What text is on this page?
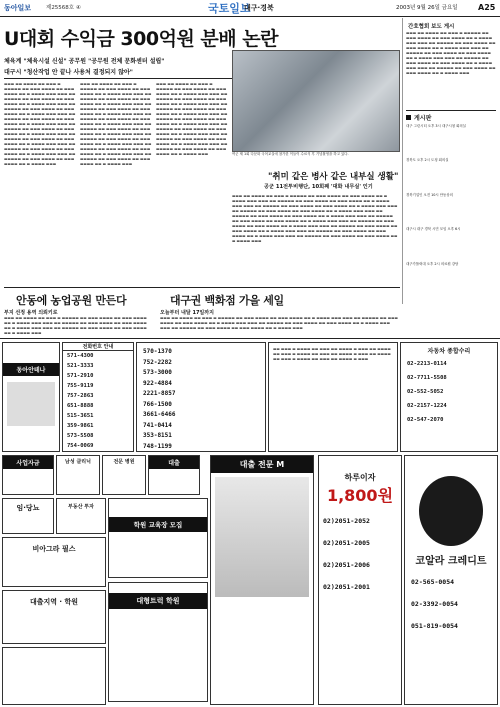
동아일보	제25568호 ④	국토일보
대구·경북	2003년 9월 26일 금요일	A25
U대회 수익금 300억원 분배 논란
체육계 "체육시설 신설" 공무원 "공무원 전체 문화센터 설립"
대구시 "청산작업 안 끝나 사용처 결정되지 않아"

▬▬▬ ▬▬ ▬▬▬▬ ▬▬ ▬▬▬ ▬ ▬▬▬▬▬ ▬▬ ▬▬▬ ▬▬▬▬ ▬▬ ▬▬▬ ▬▬▬▬ ▬▬ ▬ ▬▬▬▬ ▬▬▬ ▬▬▬ ▬▬ ▬▬▬▬▬ ▬▬ ▬▬▬ ▬▬▬▬ ▬▬ ▬▬▬ ▬▬▬▬ ▬▬ ▬ ▬▬▬▬ ▬▬▬ ▬▬▬ ▬▬ ▬▬▬▬▬ ▬▬ ▬▬▬ ▬▬▬▬ ▬▬ ▬▬▬ ▬▬▬▬ ▬▬ ▬ ▬▬▬▬ ▬▬▬ ▬▬▬ ▬▬ ▬▬▬▬▬ ▬▬ ▬▬▬ ▬▬▬▬ ▬▬ ▬▬▬ ▬▬▬▬ ▬▬ ▬ ▬▬▬▬ ▬▬▬ ▬▬▬ ▬▬ ▬▬▬▬▬ ▬▬ ▬▬▬ ▬▬▬▬ ▬▬ ▬▬▬ ▬▬▬▬ ▬▬ ▬ ▬▬▬▬ ▬▬▬ ▬▬▬ ▬▬ ▬▬▬▬▬ ▬▬ ▬▬▬ ▬▬▬▬ ▬▬ ▬▬▬ ▬▬▬▬ ▬▬ ▬ ▬▬▬▬ ▬▬▬ ▬▬▬ ▬▬ ▬▬▬▬▬ ▬▬ ▬▬▬ ▬▬▬▬ ▬▬ ▬▬▬ ▬▬▬▬ ▬▬ ▬ ▬▬▬▬ ▬▬▬ ▬▬▬ ▬▬ ▬▬▬▬▬ ▬▬ ▬▬▬ ▬▬▬▬ ▬▬ ▬▬▬ ▬▬▬▬ ▬▬ ▬ ▬▬▬▬ ▬▬▬

▬▬▬ ▬▬ ▬▬▬▬ ▬▬ ▬▬▬ ▬ ▬▬▬▬▬ ▬▬ ▬▬▬ ▬▬▬▬ ▬▬ ▬▬▬ ▬▬▬▬ ▬▬ ▬ ▬▬▬▬ ▬▬▬ ▬▬▬ ▬▬ ▬▬▬▬▬ ▬▬ ▬▬▬ ▬▬▬▬ ▬▬ ▬▬▬ ▬▬▬▬ ▬▬ ▬ ▬▬▬▬ ▬▬▬ ▬▬▬ ▬▬ ▬▬▬▬▬ ▬▬ ▬▬▬ ▬▬▬▬ ▬▬ ▬▬▬ ▬▬▬▬ ▬▬ ▬ ▬▬▬▬ ▬▬▬ ▬▬▬ ▬▬ ▬▬▬▬▬ ▬▬ ▬▬▬ ▬▬▬▬ ▬▬ ▬▬▬ ▬▬▬▬ ▬▬ ▬ ▬▬▬▬ ▬▬▬ ▬▬▬ ▬▬ ▬▬▬▬▬ ▬▬ ▬▬▬ ▬▬▬▬ ▬▬ ▬▬▬ ▬▬▬▬ ▬▬ ▬ ▬▬▬▬ ▬▬▬ ▬▬▬ ▬▬ ▬▬▬▬▬ ▬▬ ▬▬▬ ▬▬▬▬ ▬▬ ▬▬▬ ▬▬▬▬ ▬▬ ▬ ▬▬▬▬ ▬▬▬ ▬▬▬ ▬▬ ▬▬▬▬▬ ▬▬ ▬▬▬ ▬▬▬▬ ▬▬ ▬▬▬ ▬▬▬▬ ▬▬ ▬ ▬▬▬▬ ▬▬▬ ▬▬▬ ▬▬ ▬▬▬▬▬ ▬▬ ▬▬▬ ▬▬▬▬ ▬▬ ▬▬▬ ▬▬▬▬ ▬▬ ▬ ▬▬▬▬ ▬▬▬

▬▬▬ ▬▬ ▬▬▬▬ ▬▬ ▬▬▬ ▬ ▬▬▬▬▬ ▬▬ ▬▬▬ ▬▬▬▬ ▬▬ ▬▬▬ ▬▬▬▬ ▬▬ ▬ ▬▬▬▬ ▬▬▬ ▬▬▬ ▬▬ ▬▬▬▬▬ ▬▬ ▬▬▬ ▬▬▬▬ ▬▬ ▬▬▬ ▬▬▬▬ ▬▬ ▬ ▬▬▬▬ ▬▬▬ ▬▬▬ ▬▬ ▬▬▬▬▬ ▬▬ ▬▬▬ ▬▬▬▬ ▬▬ ▬▬▬ ▬▬▬▬ ▬▬ ▬ ▬▬▬▬ ▬▬▬ ▬▬▬ ▬▬ ▬▬▬▬▬ ▬▬ ▬▬▬ ▬▬▬▬ ▬▬ ▬▬▬ ▬▬▬▬ ▬▬ ▬ ▬▬▬▬ ▬▬▬ ▬▬▬ ▬▬ ▬▬▬▬▬ ▬▬ ▬▬▬ ▬▬▬▬ ▬▬ ▬▬▬ ▬▬▬▬ ▬▬ ▬ ▬▬▬▬ ▬▬▬ ▬▬▬ ▬▬ ▬▬▬▬▬ ▬▬ ▬▬▬ ▬▬▬▬ ▬▬ ▬▬▬ ▬▬▬▬ ▬▬ ▬ ▬▬▬▬ ▬▬▬ ▬▬▬ ▬▬ ▬▬▬▬▬ ▬▬ ▬▬▬ ▬▬▬▬ ▬▬ ▬▬▬ ▬▬▬▬ ▬▬ ▬ ▬▬▬▬ ▬▬▬	여군 제 1회 다문화 국어교실에 참가한 이들이 수료식 후 기념촬영을 하고 있다.
"취미 같은 병사 같은 내부실 생활"
공군 11전투비행단, 10회째 '대화 내무실' 인기

▬▬▬ ▬▬ ▬▬▬▬ ▬▬ ▬▬▬ ▬ ▬▬▬▬▬ ▬▬ ▬▬▬ ▬▬▬▬ ▬▬ ▬▬▬ ▬▬▬▬ ▬▬ ▬ ▬▬▬▬ ▬▬▬ ▬▬▬ ▬▬ ▬▬▬▬▬ ▬▬ ▬▬▬ ▬▬▬▬ ▬▬ ▬▬▬ ▬▬▬▬ ▬▬ ▬ ▬▬▬▬ ▬▬▬ ▬▬▬ ▬▬ ▬▬▬▬▬ ▬▬ ▬▬▬ ▬▬▬▬ ▬▬ ▬▬▬ ▬▬▬▬ ▬▬ ▬ ▬▬▬▬ ▬▬▬ ▬▬▬ ▬▬ ▬▬▬▬▬ ▬▬ ▬▬▬ ▬▬▬▬ ▬▬ ▬▬▬ ▬▬▬▬ ▬▬ ▬ ▬▬▬▬ ▬▬▬ ▬▬▬ ▬▬ ▬▬▬▬▬ ▬▬ ▬▬▬ ▬▬▬▬ ▬▬ ▬▬▬ ▬▬▬▬ ▬▬ ▬ ▬▬▬▬ ▬▬▬ ▬▬▬ ▬▬ ▬▬▬▬▬ ▬▬ ▬▬▬ ▬▬▬▬ ▬▬ ▬▬▬ ▬▬▬▬ ▬▬ ▬ ▬▬▬▬ ▬▬▬ ▬▬▬ ▬▬ ▬▬▬▬▬ ▬▬ ▬▬▬ ▬▬▬▬ ▬▬ ▬▬▬ ▬▬▬▬ ▬▬ ▬ ▬▬▬▬ ▬▬▬ ▬▬▬ ▬▬ ▬▬▬▬▬ ▬▬ ▬▬▬ ▬▬▬▬ ▬▬ ▬▬▬ ▬▬▬▬ ▬▬ ▬ ▬▬▬▬ ▬▬▬ ▬▬▬ ▬▬ ▬▬▬▬▬ ▬▬ ▬▬▬ ▬▬▬▬ ▬▬ ▬▬▬ ▬▬▬▬ ▬▬ ▬ ▬▬▬▬ ▬▬▬ ▬▬▬ ▬▬ ▬▬▬▬▬ ▬▬ ▬▬▬ ▬▬▬▬ ▬▬ ▬▬▬ ▬▬▬▬ ▬▬ ▬ ▬▬▬▬ ▬▬▬

간호협회 보도 게시

▬▬▬ ▬▬ ▬▬▬▬ ▬▬ ▬▬▬ ▬ ▬▬▬▬▬ ▬▬ ▬▬▬ ▬▬▬▬ ▬▬ ▬▬▬ ▬▬▬▬ ▬▬ ▬ ▬▬▬▬ ▬▬▬ ▬▬▬ ▬▬ ▬▬▬▬▬ ▬▬ ▬▬▬ ▬▬▬▬ ▬▬ ▬▬▬ ▬▬▬▬ ▬▬ ▬ ▬▬▬▬ ▬▬▬ ▬▬▬ ▬▬ ▬▬▬▬▬ ▬▬ ▬▬▬ ▬▬▬▬ ▬▬ ▬▬▬ ▬▬▬▬ ▬▬ ▬ ▬▬▬▬ ▬▬▬ ▬▬▬ ▬▬ ▬▬▬▬▬ ▬▬ ▬▬▬ ▬▬▬▬ ▬▬ ▬▬▬ ▬▬▬▬ ▬▬ ▬ ▬▬▬▬ ▬▬▬ ▬▬▬ ▬▬ ▬▬▬▬▬ ▬▬ ▬▬▬ ▬▬▬▬ ▬▬ ▬▬▬ ▬▬▬▬ ▬▬ ▬ ▬▬▬▬ ▬▬▬

게시판
대구 그린시티 오후 3시 대구시청 회의실
경북도 오후 2시 도청 회의실
경북기업인 오전 10시 안동상의
대구시 대구 경북 시민 모임 오후 6시
대구가톨릭대 오후 2시 의료원 강당
안동에 농업공원 만든다
부지 선정 용역 의뢰키로

▬▬▬ ▬▬ ▬▬▬▬ ▬▬ ▬▬▬ ▬ ▬▬▬▬▬ ▬▬ ▬▬▬ ▬▬▬▬ ▬▬ ▬▬▬ ▬▬▬▬ ▬▬ ▬ ▬▬▬▬ ▬▬▬ ▬▬▬ ▬▬ ▬▬▬▬▬ ▬▬ ▬▬▬ ▬▬▬▬ ▬▬ ▬▬▬ ▬▬▬▬ ▬▬ ▬ ▬▬▬▬ ▬▬▬ ▬▬▬ ▬▬ ▬▬▬▬▬ ▬▬ ▬▬▬ ▬▬▬▬ ▬▬ ▬▬▬ ▬▬▬▬ ▬▬ ▬ ▬▬▬▬ ▬▬▬

대구권 백화점 가을 세일
오늘부터 내달 17일까지

▬▬▬ ▬▬ ▬▬▬▬ ▬▬ ▬▬▬ ▬ ▬▬▬▬▬ ▬▬ ▬▬▬ ▬▬▬▬ ▬▬ ▬▬▬ ▬▬▬▬ ▬▬ ▬ ▬▬▬▬ ▬▬▬ ▬▬▬ ▬▬ ▬▬▬▬▬ ▬▬ ▬▬▬ ▬▬▬▬ ▬▬ ▬▬▬ ▬▬▬▬ ▬▬ ▬ ▬▬▬▬ ▬▬▬ ▬▬▬ ▬▬ ▬▬▬▬▬ ▬▬ ▬▬▬ ▬▬▬▬ ▬▬ ▬▬▬ ▬▬▬▬ ▬▬ ▬ ▬▬▬▬ ▬▬▬ ▬▬▬ ▬▬ ▬▬▬▬▬ ▬▬ ▬▬▬ ▬▬▬▬ ▬▬ ▬▬▬ ▬▬▬▬ ▬▬ ▬ ▬▬▬▬ ▬▬▬

동아안테나
전화번호 안내
571-4300
521-3333
571-2910
755-9119
757-2863
651-8888
515-3651
359-9861
573-5508
754-0069
570-1370
752-2282
573-3000
922-4884
2221-8857
766-1500
3661-6466
741-0414
353-8151
748-1199

▬▬ ▬▬▬ ▬ ▬▬▬▬ ▬▬ ▬▬▬ ▬▬ ▬▬▬▬ ▬ ▬▬▬ ▬▬ ▬▬▬▬ ▬▬ ▬▬▬ ▬ ▬▬▬▬ ▬▬ ▬▬▬ ▬▬ ▬▬▬▬ ▬ ▬▬▬ ▬▬ ▬▬▬▬ ▬▬ ▬▬▬ ▬ ▬▬▬▬ ▬▬ ▬▬▬ ▬▬ ▬▬▬▬ ▬ ▬▬▬

자동차 종합수리
02-2213-0114
02-7711-5508
02-552-5052
02-2157-1224
02-547-2070
사업자금	남성 클리닉	전문 병원	대출	대출 전문 M
하루이자
1,800원
02)2051-2052
02)2051-2005
02)2051-2006
02)2051-2001
코알라 크레디트
02-565-0054
02-3392-0054
051-819-0054
임·당뇨	부동산 투자
학원 교육장 모집
비아그라 필스
대출지역 · 학원	대형트럭 학원
